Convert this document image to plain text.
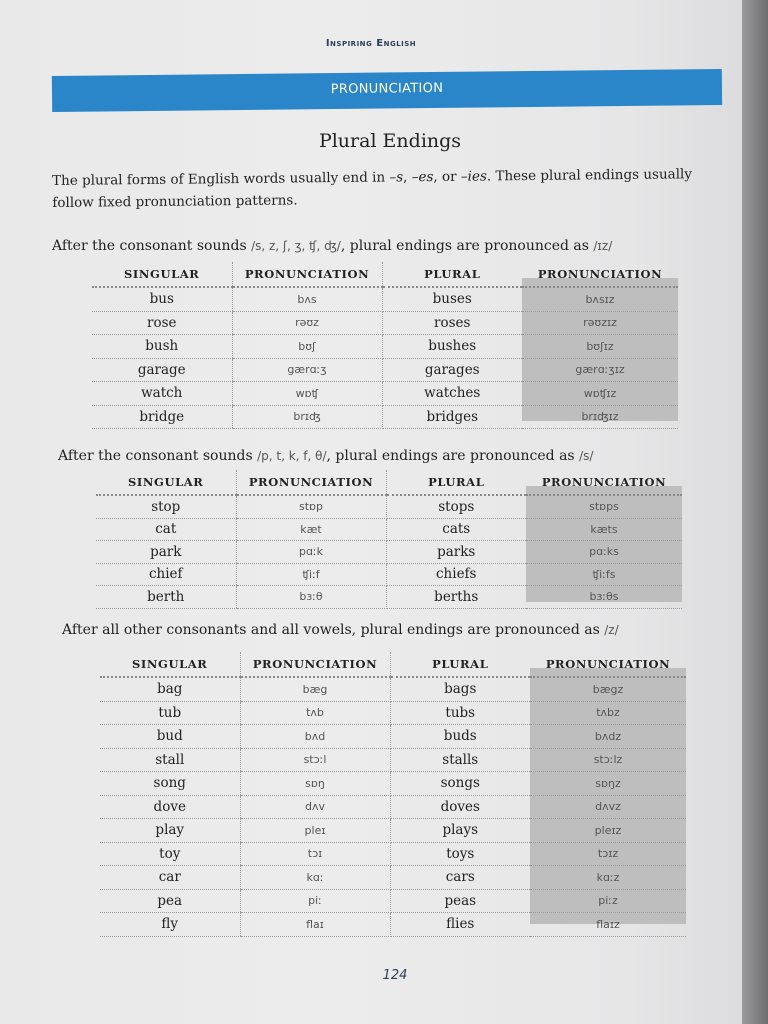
Inspiring English
PRONUNCIATION
Plural Endings
The plural forms of English words usually end in –s, –es, or –ies. These plural endings usually follow fixed pronunciation patterns.
After the consonant sounds /s, z, ʃ, ʒ, ʧ, ʤ/, plural endings are pronounced as /ɪz/
SINGULAR	PRONUNCIATION	PLURAL	PRONUNCIATION
bus	bʌs	buses	bʌsɪz
rose	rəʊz	roses	rəʊzɪz
bush	bʊʃ	bushes	bʊʃɪz
garage	gærɑːʒ	garages	gærɑːʒɪz
watch	wɒʧ	watches	wɒʧɪz
bridge	brɪʤ	bridges	brɪʤɪz
After the consonant sounds /p, t, k, f, θ/, plural endings are pronounced as /s/
SINGULAR	PRONUNCIATION	PLURAL	PRONUNCIATION
stop	stɒp	stops	stɒps
cat	kæt	cats	kæts
park	pɑːk	parks	pɑːks
chief	ʧiːf	chiefs	ʧiːfs
berth	bɜːθ	berths	bɜːθs
After all other consonants and all vowels, plural endings are pronounced as /z/
SINGULAR	PRONUNCIATION	PLURAL	PRONUNCIATION
bag	bæg	bags	bægz
tub	tʌb	tubs	tʌbz
bud	bʌd	buds	bʌdz
stall	stɔːl	stalls	stɔːlz
song	sɒŋ	songs	sɒŋz
dove	dʌv	doves	dʌvz
play	pleɪ	plays	pleɪz
toy	tɔɪ	toys	tɔɪz
car	kɑː	cars	kɑːz
pea	piː	peas	piːz
fly	flaɪ	flies	flaɪz
124
